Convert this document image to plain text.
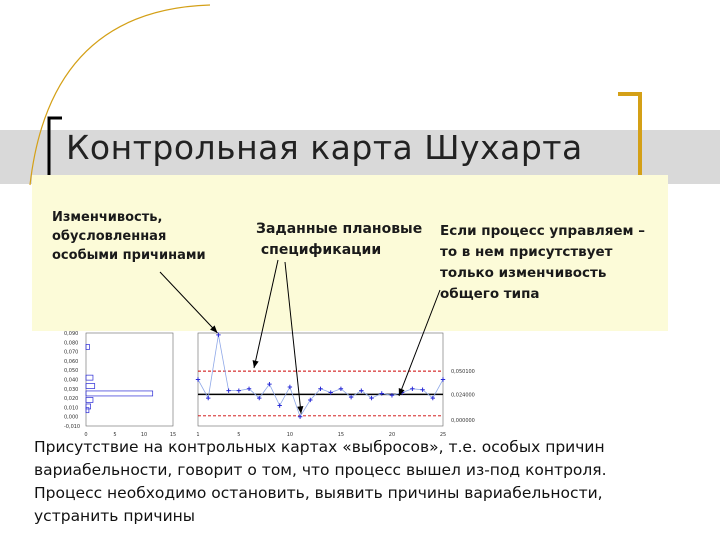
Контрольная карта Шухарта
Изменчивость,
обусловленная
особыми причинами
Заданные плановые
спецификации
Если процесс управляем –
то в нем присутствует
только изменчивость
общего типа
-0,010
0,000
0,010
0,020
0,030
0,040
0,050
0,060
0,070
0,080
0,090
0	5	10	15	1	5	10	15	20	25
0,050100
0,024000
0,000000

Присутствие на контрольных картах «выбросов», т.е. особых причин

вариабельности, говорит о том, что процесс вышел из-под контроля.

Процесс необходимо остановить, выявить причины вариабельности,

устранить причины
